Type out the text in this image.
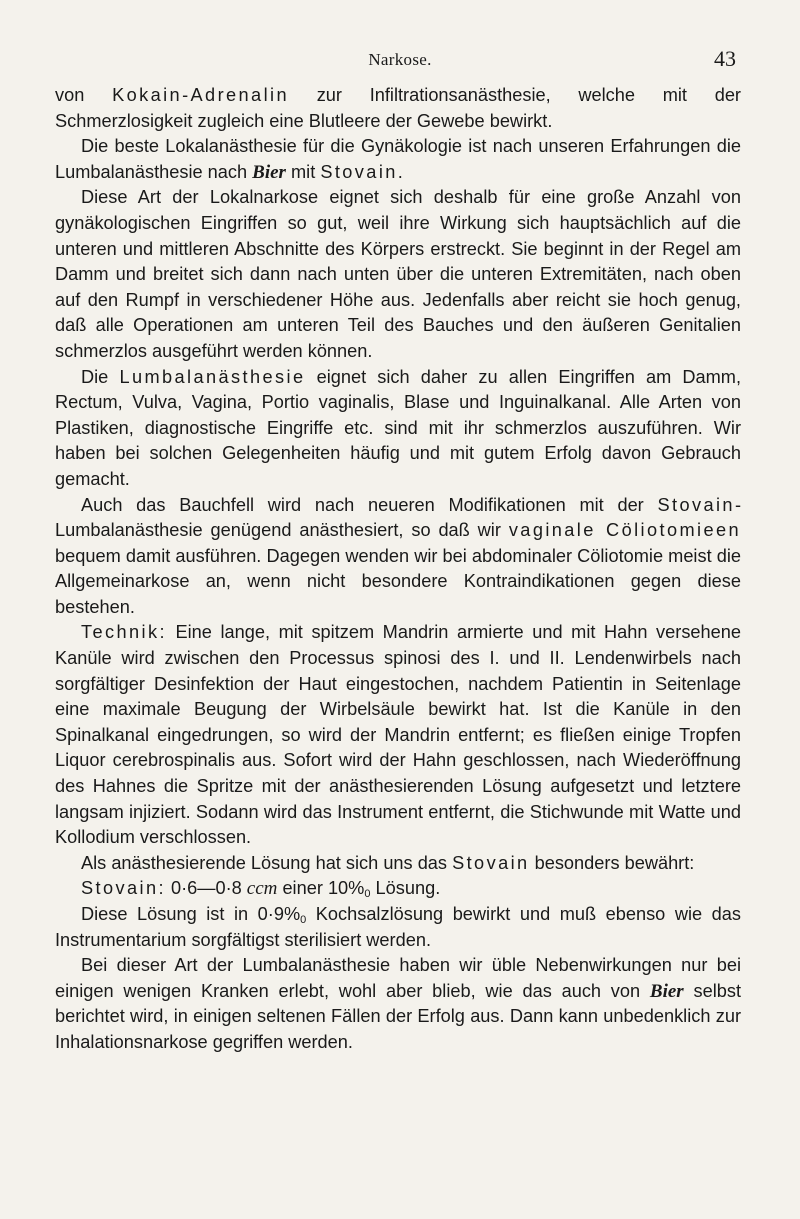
Narkose.	43

von Kokain-Adrenalin zur Infiltrationsanästhesie, welche mit der Schmerzlosigkeit zugleich eine Blutleere der Gewebe bewirkt.

Die beste Lokalanästhesie für die Gynäkologie ist nach unseren Erfahrungen die Lumbalanästhesie nach Bier mit Stovain.

Diese Art der Lokalnarkose eignet sich deshalb für eine große Anzahl von gynäkologischen Eingriffen so gut, weil ihre Wirkung sich hauptsächlich auf die unteren und mittleren Abschnitte des Körpers erstreckt. Sie beginnt in der Regel am Damm und breitet sich dann nach unten über die unteren Extremitäten, nach oben auf den Rumpf in verschiedener Höhe aus. Jedenfalls aber reicht sie hoch genug, daß alle Operationen am unteren Teil des Bauches und den äußeren Genitalien schmerzlos ausgeführt werden können.

Die Lumbalanästhesie eignet sich daher zu allen Eingriffen am Damm, Rectum, Vulva, Vagina, Portio vaginalis, Blase und Inguinalkanal. Alle Arten von Plastiken, diagnostische Eingriffe etc. sind mit ihr schmerzlos auszuführen. Wir haben bei solchen Gelegenheiten häufig und mit gutem Erfolg davon Gebrauch gemacht.

Auch das Bauchfell wird nach neueren Modifikationen mit der Stovain-Lumbalanästhesie genügend anästhesiert, so daß wir vaginale Cöliotomieen bequem damit ausführen. Dagegen wenden wir bei abdominaler Cöliotomie meist die Allgemeinarkose an, wenn nicht besondere Kontraindikationen gegen diese bestehen.

Technik: Eine lange, mit spitzem Mandrin armierte und mit Hahn versehene Kanüle wird zwischen den Processus spinosi des I. und II. Lendenwirbels nach sorgfältiger Desinfektion der Haut eingestochen, nachdem Patientin in Seitenlage eine maximale Beugung der Wirbelsäule bewirkt hat. Ist die Kanüle in den Spinalkanal eingedrungen, so wird der Mandrin entfernt; es fließen einige Tropfen Liquor cerebrospinalis aus. Sofort wird der Hahn geschlossen, nach Wiederöffnung des Hahnes die Spritze mit der anästhesierenden Lösung aufgesetzt und letztere langsam injiziert. Sodann wird das Instrument entfernt, die Stichwunde mit Watte und Kollodium verschlossen.

Als anästhesierende Lösung hat sich uns das Stovain besonders bewährt:

Stovain: 0·6—0·8 ccm einer $10\%_0$ Lösung.

Diese Lösung ist in $0\cdot 9\%_0$ Kochsalzlösung bewirkt und muß ebenso wie das Instrumentarium sorgfältigst sterilisiert werden.

Bei dieser Art der Lumbalanästhesie haben wir üble Nebenwirkungen nur bei einigen wenigen Kranken erlebt, wohl aber blieb, wie das auch von Bier selbst berichtet wird, in einigen seltenen Fällen der Erfolg aus. Dann kann unbedenklich zur Inhalationsnarkose gegriffen werden.
